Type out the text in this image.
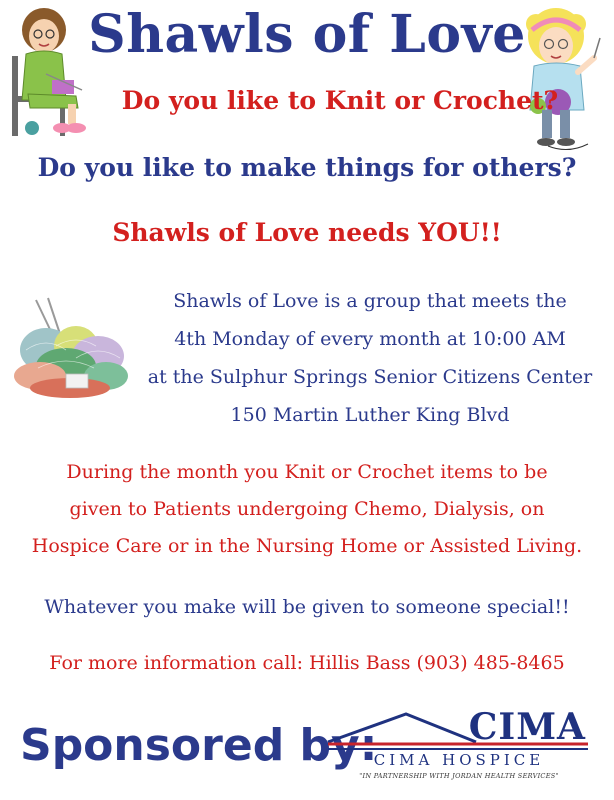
Shawls of Love
Do you like to Knit or Crochet?
Do you like to make things for others?
Shawls of Love needs YOU!!
Shawls of Love is a group that meets the
4th Monday of every month at 10:00 AM
at the Sulphur Springs Senior Citizens Center
150 Martin Luther King Blvd
During the month you Knit or Crochet items to be
given to Patients undergoing Chemo, Dialysis, on
Hospice Care or in the Nursing Home or Assisted Living.
Whatever you make will be given to someone special!!
For more information call: Hillis Bass (903) 485-8465
Sponsored by:	CIMA
CIMA HOSPICE
"IN PARTNERSHIP WITH JORDAN HEALTH SERVICES"
